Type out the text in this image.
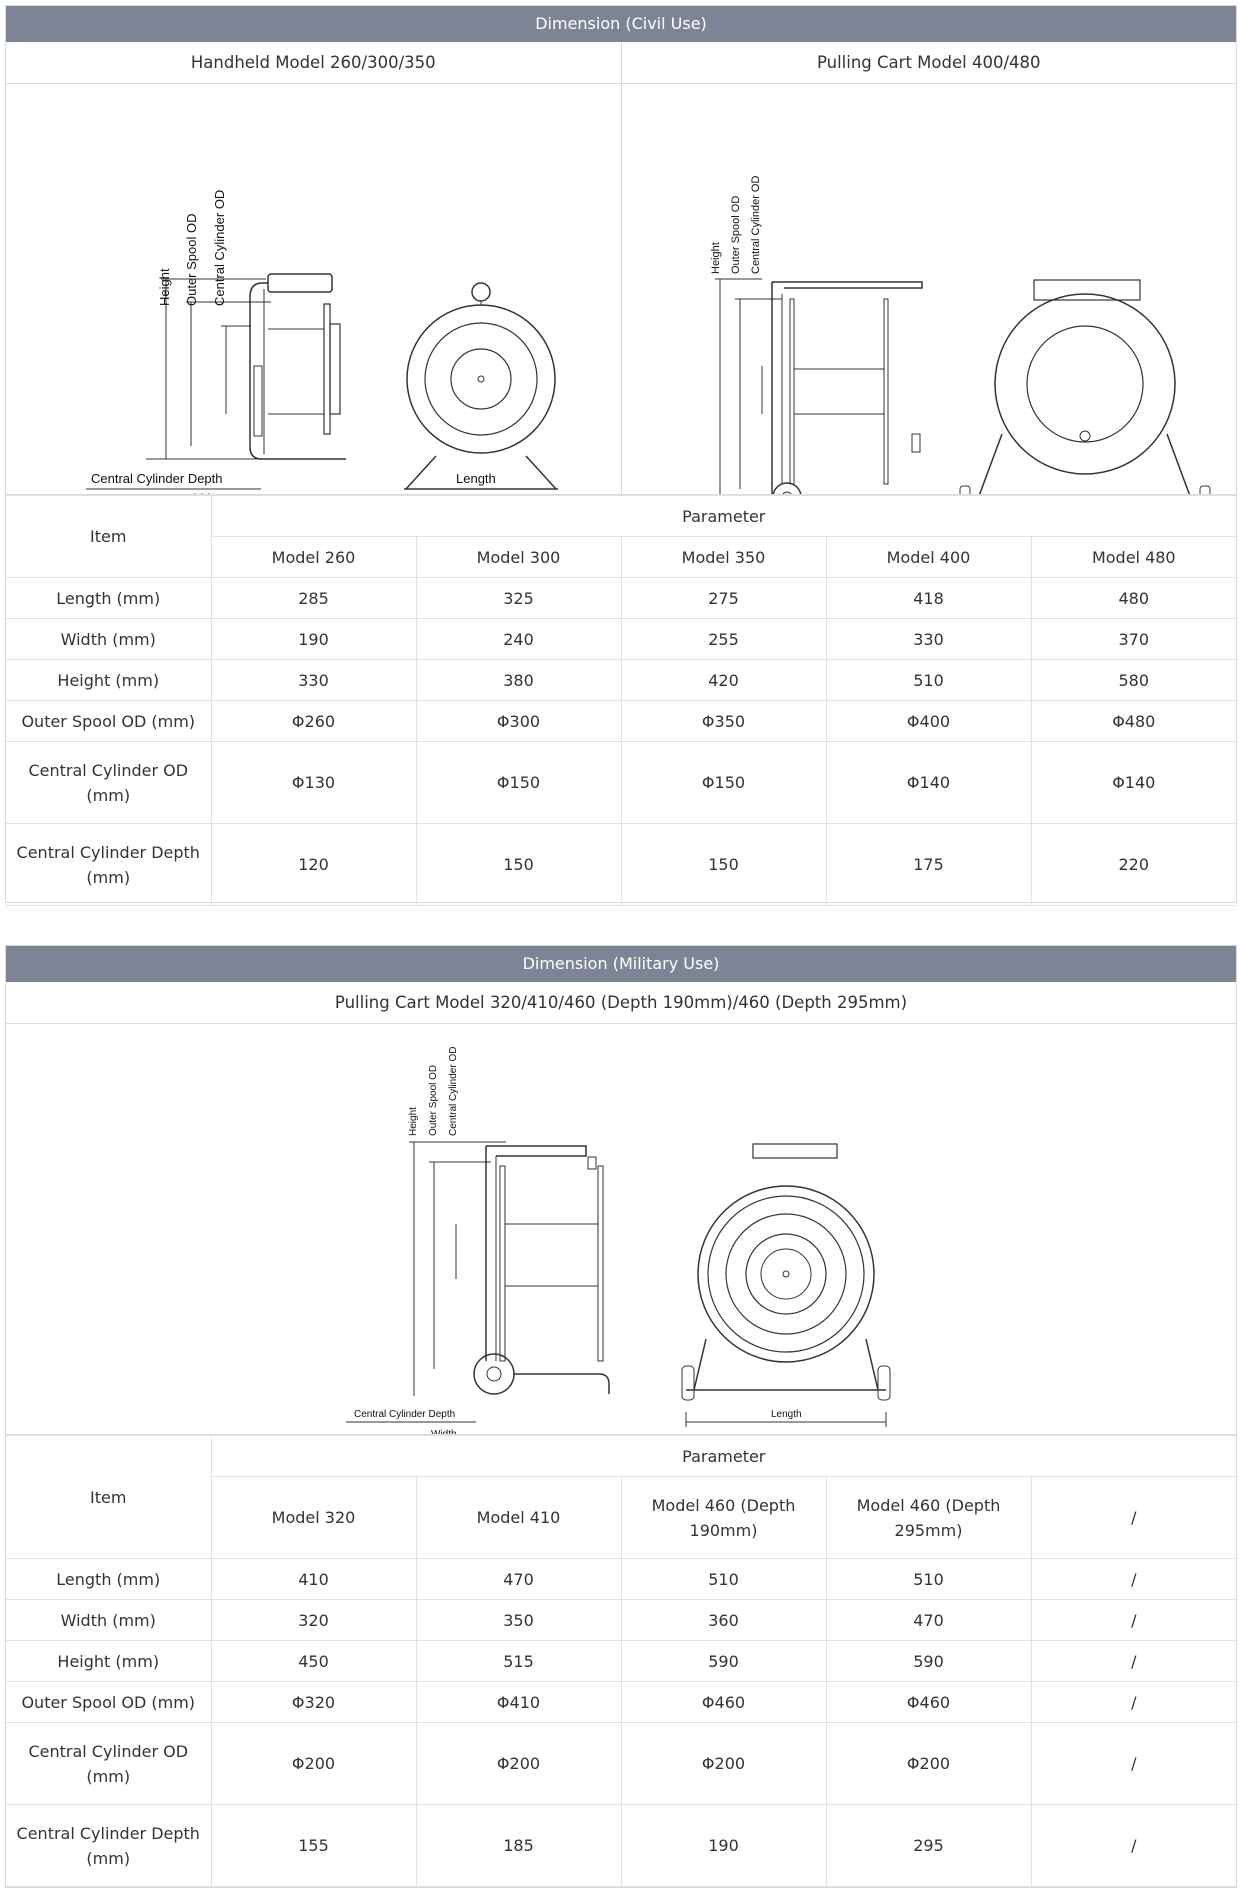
Dimension (Civil Use)
Handheld Model 260/300/350	Pulling Cart Model 400/480
Height Outer Spool OD Central Cylinder OD
Central Cylinder Depth	Length
Height Outer Spool OD Central Cylinder OD
Item	Parameter				
	Model 260	Model 300	Model 350	Model 400	Model 480
Length (mm)	285	325	275	418	480
Width (mm)	190	240	255	330	370
Height (mm)	330	380	420	510	580
Outer Spool OD (mm)	Φ260	Φ300	Φ350	Φ400	Φ480
Central Cylinder OD (mm)	Φ130	Φ150	Φ150	Φ140	Φ140
Central Cylinder Depth (mm)	120	150	150	175	220
Dimension (Military Use)
Pulling Cart Model 320/410/460 (Depth 190mm)/460 (Depth 295mm)
Height Outer Spool OD Central Cylinder OD
Central Cylinder Depth	Length
Item	Parameter				
	Model 320	Model 410	Model 460 (Depth 190mm)	Model 460 (Depth 295mm)	/
Length (mm)	410	470	510	510	/
Width (mm)	320	350	360	470	/
Height (mm)	450	515	590	590	/
Outer Spool OD (mm)	Φ320	Φ410	Φ460	Φ460	/
Central Cylinder OD (mm)	Φ200	Φ200	Φ200	Φ200	/
Central Cylinder Depth (mm)	155	185	190	295	/
